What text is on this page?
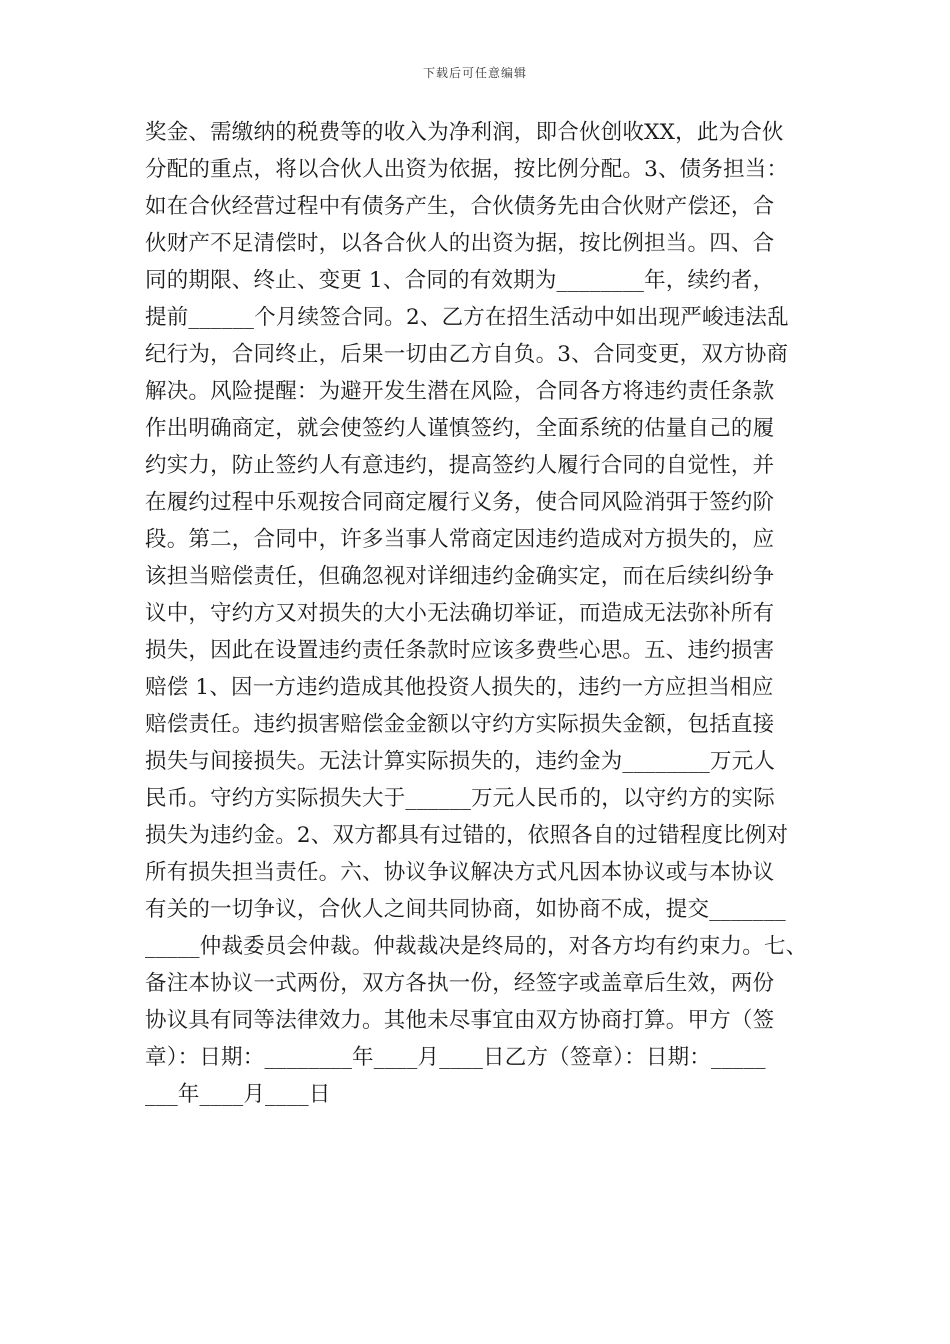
下载后可任意编辑
奖金、需缴纳的税费等的收入为净利润，即合伙创收XX，此为合伙
分配的重点，将以合伙人出资为依据，按比例分配。3、债务担当：
如在合伙经营过程中有债务产生，合伙债务先由合伙财产偿还，合
伙财产不足清偿时，以各合伙人的出资为据，按比例担当。四、合
同的期限、终止、变更 1、合同的有效期为________年，续约者，
提前______个月续签合同。2、乙方在招生活动中如出现严峻违法乱
纪行为，合同终止，后果一切由乙方自负。3、合同变更，双方协商
解决。风险提醒：为避开发生潜在风险，合同各方将违约责任条款
作出明确商定，就会使签约人谨慎签约，全面系统的估量自己的履
约实力，防止签约人有意违约，提高签约人履行合同的自觉性，并
在履约过程中乐观按合同商定履行义务，使合同风险消弭于签约阶
段。第二，合同中，许多当事人常商定因违约造成对方损失的，应
该担当赔偿责任，但确忽视对详细违约金确实定，而在后续纠纷争
议中，守约方又对损失的大小无法确切举证，而造成无法弥补所有
损失，因此在设置违约责任条款时应该多费些心思。五、违约损害
赔偿 1、因一方违约造成其他投资人损失的，违约一方应担当相应
赔偿责任。违约损害赔偿金金额以守约方实际损失金额，包括直接
损失与间接损失。无法计算实际损失的，违约金为________万元人
民币。守约方实际损失大于______万元人民币的，以守约方的实际
损失为违约金。2、双方都具有过错的，依照各自的过错程度比例对
所有损失担当责任。六、协议争议解决方式凡因本协议或与本协议
有关的一切争议，合伙人之间共同协商，如协商不成，提交_______
_____仲裁委员会仲裁。仲裁裁决是终局的，对各方均有约束力。七、
备注本协议一式两份，双方各执一份，经签字或盖章后生效，两份
协议具有同等法律效力。其他未尽事宜由双方协商打算。甲方（签
章）：日期：________年____月____日乙方（签章）：日期：_____
___年____月____日
